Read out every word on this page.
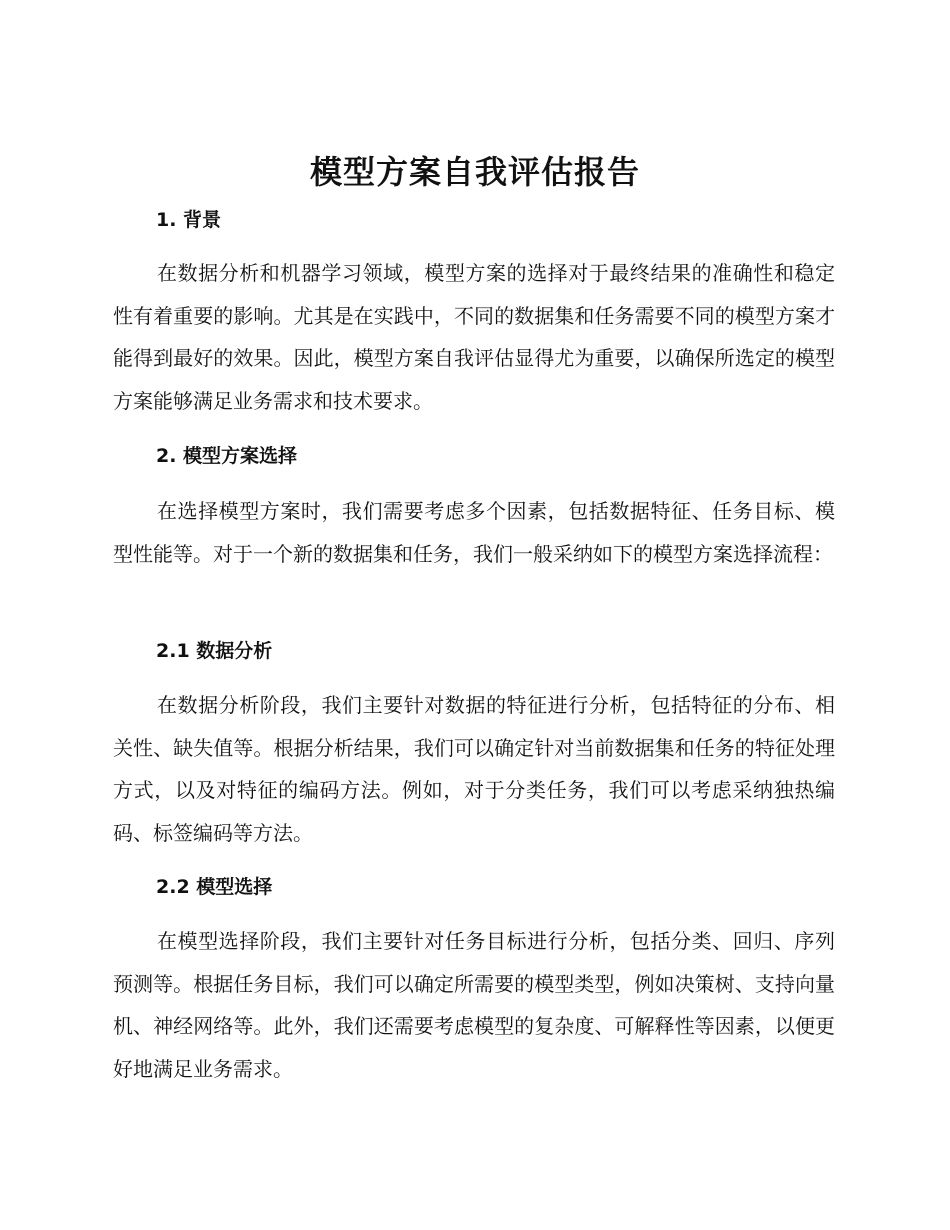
模型方案自我评估报告
1. 背景

在数据分析和机器学习领域，模型方案的选择对于最终结果的准确性和稳定性有着重要的影响。尤其是在实践中，不同的数据集和任务需要不同的模型方案才能得到最好的效果。因此，模型方案自我评估显得尤为重要，以确保所选定的模型方案能够满足业务需求和技术要求。

2. 模型方案选择

在选择模型方案时，我们需要考虑多个因素，包括数据特征、任务目标、模型性能等。对于一个新的数据集和任务，我们一般采纳如下的模型方案选择流程：

2.1 数据分析

在数据分析阶段，我们主要针对数据的特征进行分析，包括特征的分布、相关性、缺失值等。根据分析结果，我们可以确定针对当前数据集和任务的特征处理方式，以及对特征的编码方法。例如，对于分类任务，我们可以考虑采纳独热编码、标签编码等方法。

2.2 模型选择

在模型选择阶段，我们主要针对任务目标进行分析，包括分类、回归、序列预测等。根据任务目标，我们可以确定所需要的模型类型，例如决策树、支持向量机、神经网络等。此外，我们还需要考虑模型的复杂度、可解释性等因素，以便更好地满足业务需求。
